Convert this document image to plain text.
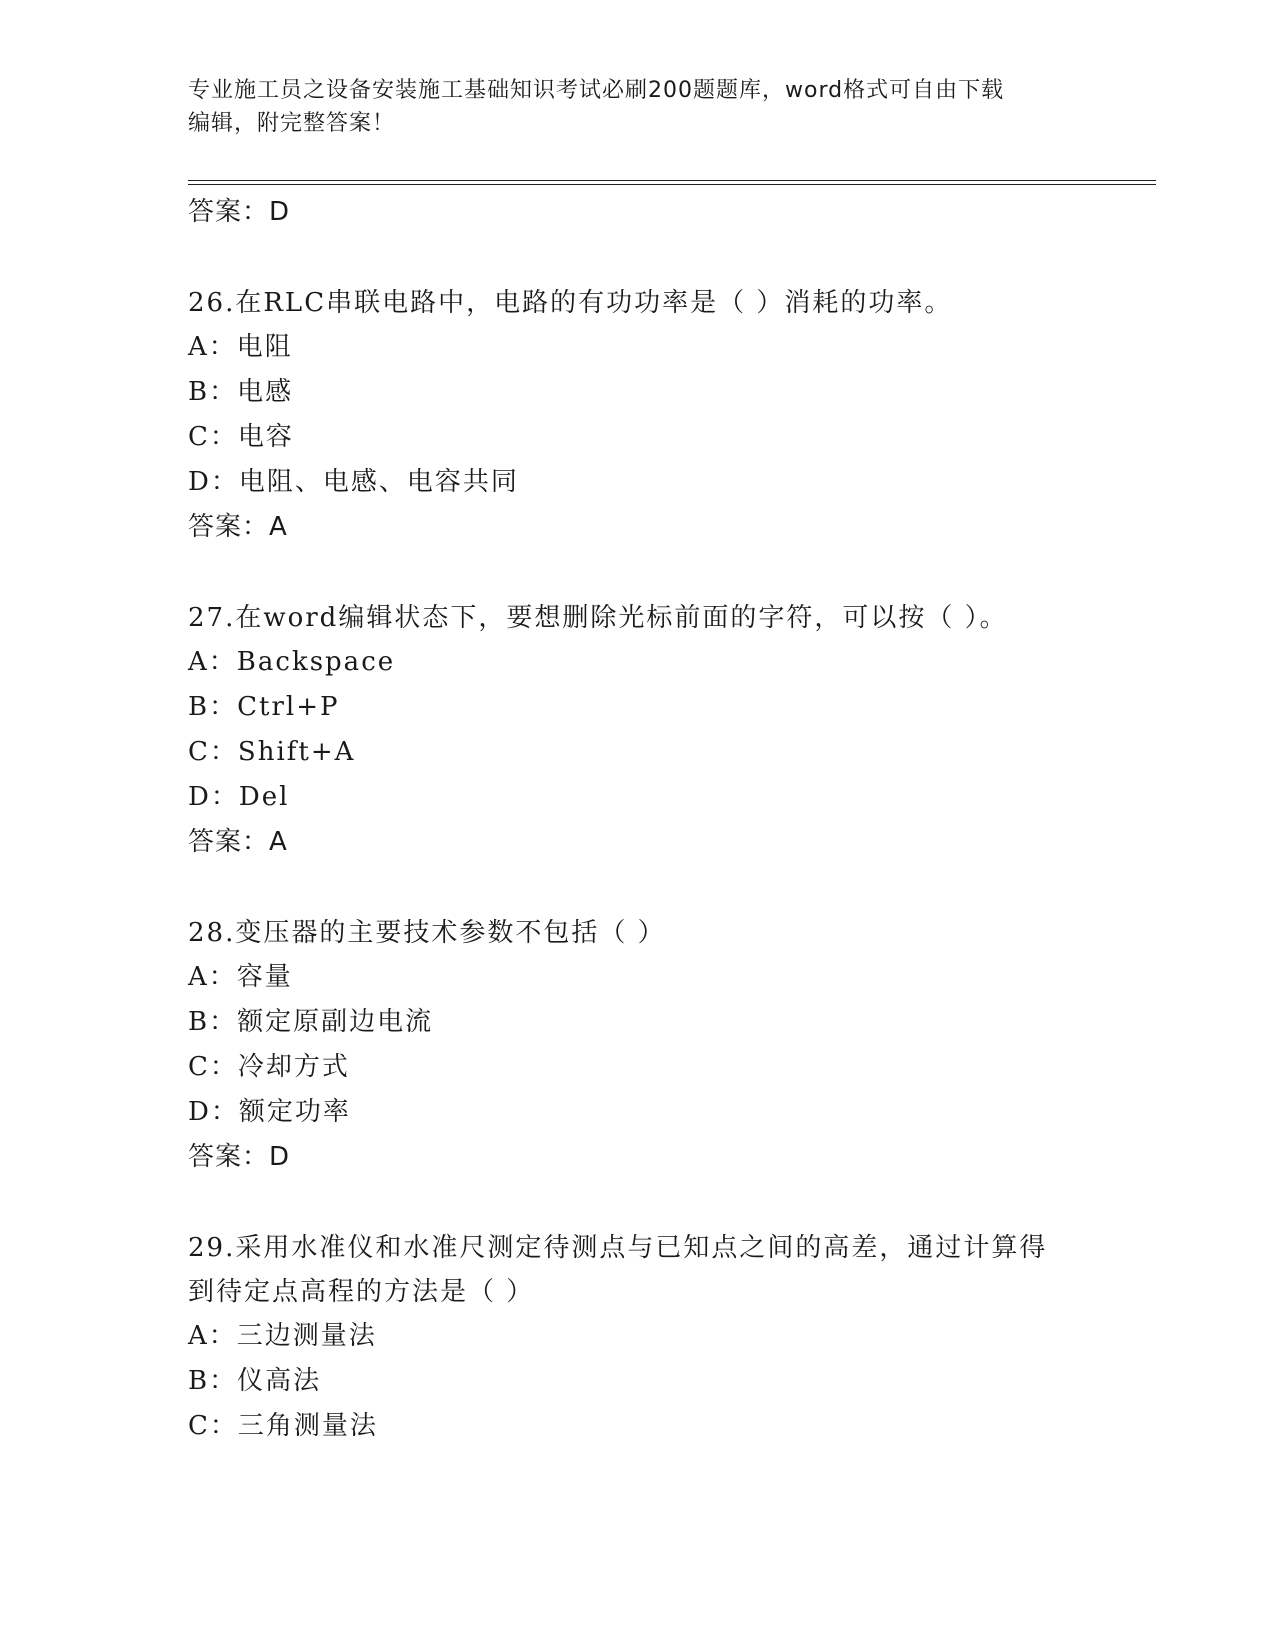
专业施工员之设备安装施工基础知识考试必刷200题题库，word格式可自由下载
编辑，附完整答案！
答案：D
26.在RLC串联电路中，电路的有功功率是（ ）消耗的功率。
A：电阻
B：电感
C：电容
D：电阻、电感、电容共同
答案：A
27.在word编辑状态下，要想删除光标前面的字符，可以按（ ）。
A：Backspace
B：Ctrl+P
C：Shift+A
D：Del
答案：A
28.变压器的主要技术参数不包括（ ）
A：容量
B：额定原副边电流
C：冷却方式
D：额定功率
答案：D
29.采用水准仪和水准尺测定待测点与已知点之间的高差，通过计算得
到待定点高程的方法是（ ）
A：三边测量法
B：仪高法
C：三角测量法
